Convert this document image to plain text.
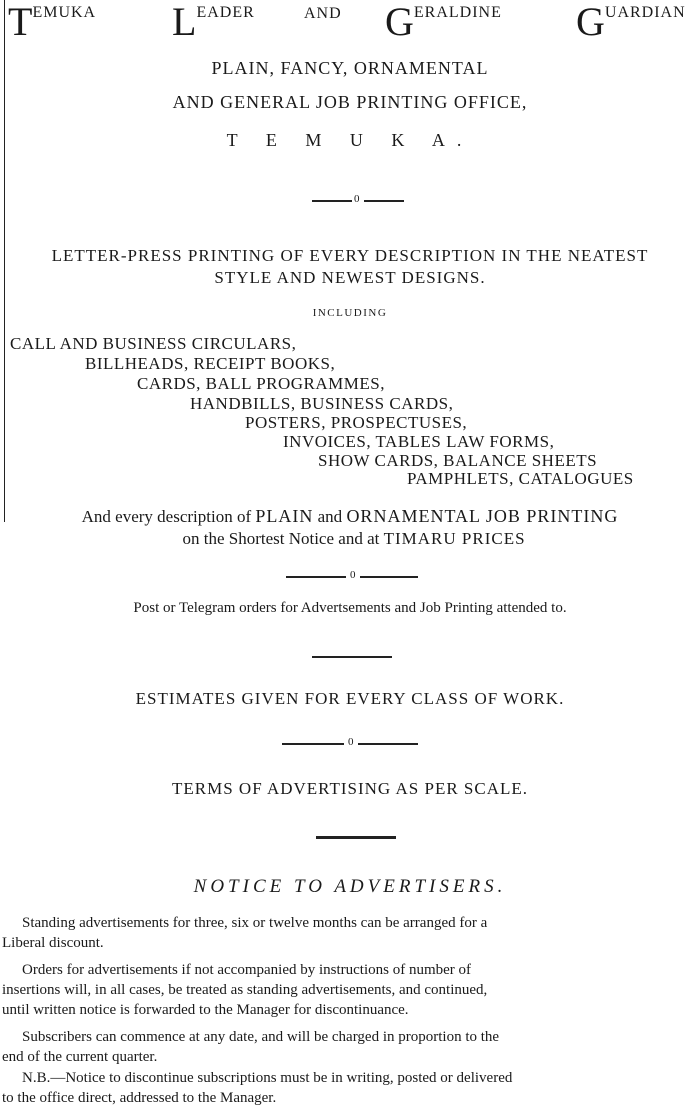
TEMUKA LEADER	AND GERALDINE GUARDIAN
PLAIN, FANCY, ORNAMENTAL
AND GENERAL JOB PRINTING OFFICE,
T E M U K A.
0
LETTER-PRESS PRINTING OF EVERY DESCRIPTION IN THE NEATEST
STYLE AND NEWEST DESIGNS.
INCLUDING
CALL AND BUSINESS CIRCULARS,
BILLHEADS, RECEIPT BOOKS,
CARDS, BALL PROGRAMMES,
HANDBILLS, BUSINESS CARDS,
POSTERS, PROSPECTUSES,
INVOICES, TABLES LAW FORMS,
SHOW CARDS, BALANCE SHEETS
PAMPHLETS, CATALOGUES
And every description of PLAIN and ORNAMENTAL JOB PRINTING
on the Shortest Notice and at TIMARU PRICES
0
Post or Telegram orders for Advertsements and Job Printing attended to.
ESTIMATES GIVEN FOR EVERY CLASS OF WORK.
0
TERMS OF ADVERTISING AS PER SCALE.
NOTICE TO ADVERTISERS.
Standing advertisements for three, six or twelve months can be arranged for a
Liberal discount.
Orders for advertisements if not accompanied by instructions of number of
insertions will, in all cases, be treated as standing advertisements, and continued,
until written notice is forwarded to the Manager for discontinuance.
Subscribers can commence at any date, and will be charged in proportion to the
end of the current quarter.
N.B.—Notice to discontinue subscriptions must be in writing, posted or delivered
to the office direct, addressed to the Manager.
